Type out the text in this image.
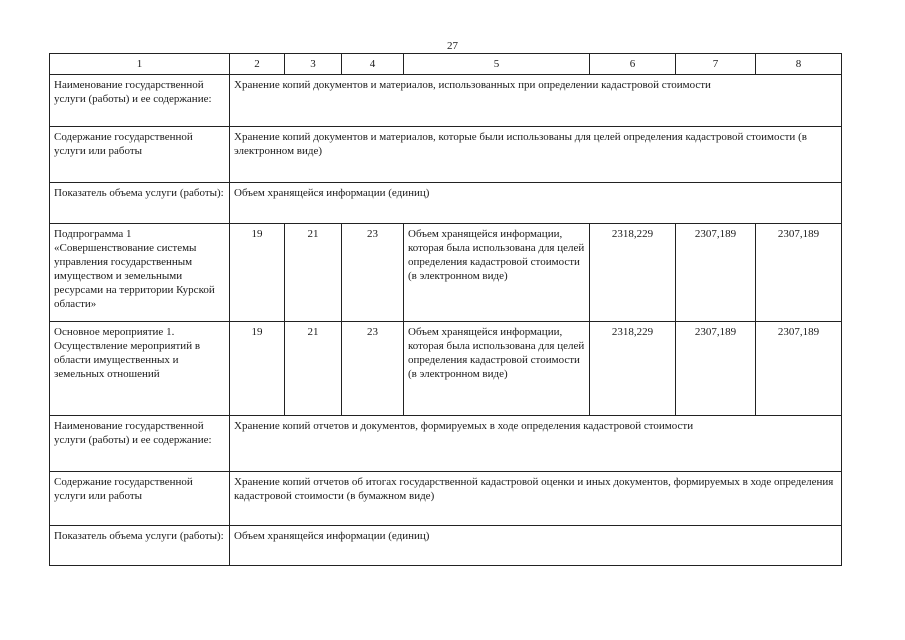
27
1	2	3	4	5	6	7	8
Наименование государственной услуги (работы) и ее содержание:	Хранение копий документов и материалов, использованных при определении кадастровой стоимости						
Содержание государственной услуги или работы	Хранение копий документов и материалов, которые были использованы для целей определения кадастровой стоимости (в электронном виде)						
Показатель объема услуги (работы):	Объем хранящейся информации (единиц)						
Подпрограмма 1 «Совершенствование системы управления государственным имуществом и земельными ресурсами на территории Курской области»	19	21	23	Объем хранящейся информации, которая была использована для целей определения кадастровой стоимости (в электронном виде)	2318,229	2307,189	2307,189
Основное мероприятие 1. Осуществление мероприятий в области имущественных и земельных отношений	19	21	23	Объем хранящейся информации, которая была использована для целей определения кадастровой стоимости (в электронном виде)	2318,229	2307,189	2307,189
Наименование государственной услуги (работы) и ее содержание:	Хранение копий отчетов и документов, формируемых в ходе определения кадастровой стоимости						
Содержание государственной услуги или работы	Хранение копий отчетов об итогах государственной кадастровой оценки и иных документов, формируемых в ходе определения кадастровой стоимости (в бумажном виде)						
Показатель объема услуги (работы):	Объем хранящейся информации (единиц)						
